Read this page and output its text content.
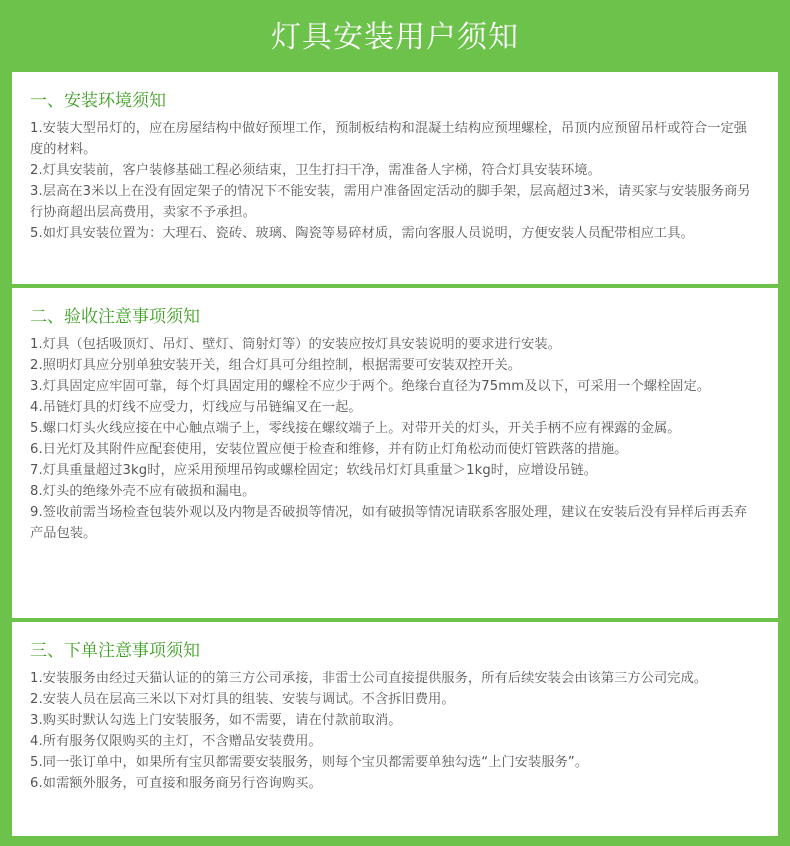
灯具安装用户须知
一、安装环境须知
1.安装大型吊灯的，应在房屋结构中做好预埋工作，预制板结构和混凝土结构应预埋螺栓，吊顶内应预留吊杆或符合一定强度的材料。
2.灯具安装前，客户装修基础工程必须结束，卫生打扫干净，需准备人字梯，符合灯具安装环境。
3.层高在3米以上在没有固定架子的情况下不能安装，需用户准备固定活动的脚手架，层高超过3米，请买家与安装服务商另行协商超出层高费用，卖家不予承担。
5.如灯具安装位置为：大理石、瓷砖、玻璃、陶瓷等易碎材质，需向客服人员说明，方便安装人员配带相应工具。
二、验收注意事项须知
1.灯具（包括吸顶灯、吊灯、壁灯、筒射灯等）的安装应按灯具安装说明的要求进行安装。
2.照明灯具应分别单独安装开关，组合灯具可分组控制，根据需要可安装双控开关。
3.灯具固定应牢固可靠，每个灯具固定用的螺栓不应少于两个。绝缘台直径为75mm及以下，可采用一个螺栓固定。
4.吊链灯具的灯线不应受力，灯线应与吊链编叉在一起。
5.螺口灯头火线应接在中心触点端子上，零线接在螺纹端子上。对带开关的灯头，开关手柄不应有裸露的金属。
6.日光灯及其附件应配套使用，安装位置应便于检查和维修，并有防止灯角松动而使灯管跌落的措施。
7.灯具重量超过3kg时，应采用预埋吊钩或螺栓固定；软线吊灯灯具重量＞1kg时，应增设吊链。
8.灯头的绝缘外壳不应有破损和漏电。
9.签收前需当场检查包装外观以及内物是否破损等情况，如有破损等情况请联系客服处理，建议在安装后没有异样后再丢弃产品包装。
三、下单注意事项须知
1.安装服务由经过天猫认证的的第三方公司承接，非雷士公司直接提供服务，所有后续安装会由该第三方公司完成。
2.安装人员在层高三米以下对灯具的组装、安装与调试。不含拆旧费用。
3.购买时默认勾选上门安装服务，如不需要，请在付款前取消。
4.所有服务仅限购买的主灯，不含赠品安装费用。
5.同一张订单中，如果所有宝贝都需要安装服务，则每个宝贝都需要单独勾选“上门安装服务”。
6.如需额外服务，可直接和服务商另行咨询购买。
